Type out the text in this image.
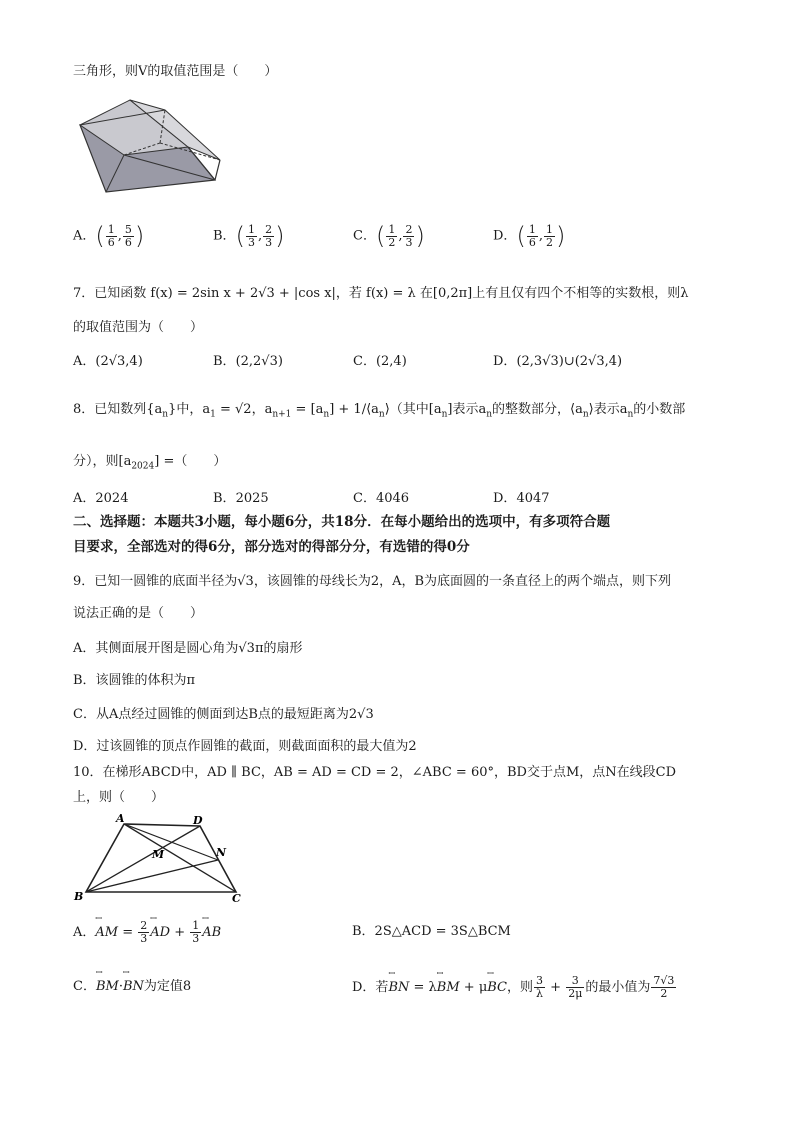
三角形，则V的取值范围是（　　）
A．( $\frac{1}{6}$ , $\frac{5}{6}$ )	B．( $\frac{1}{3}$ , $\frac{2}{3}$ )	C．( $\frac{1}{2}$ , $\frac{2}{3}$ )	D．( $\frac{1}{6}$ , $\frac{1}{2}$ )
7．已知函数 f(x) = 2sin x + 2√3 + |cos x|，若 f(x) = λ 在[0,2π]上有且仅有四个不相等的实数根，则λ
的取值范围为（　　）
A．(2√3,4)	B．(2,2√3)	C．(2,4)	D．(2,3√3)∪(2√3,4)
8．已知数列$\{a_n\}$中，$a_1 = √2$，$a_{n+1} = [a_n]$ + $1/⟨a_n⟩$（其中$[a_n]$表示$a_n$的整数部分，$⟨a_n⟩$表示$a_n$的小数部
分），则$[a_{2024}]$ =（　　）
A．2024	B．2025	C．4046	D．4047
二、选择题：本题共3小题，每小题6分，共18分．在每小题给出的选项中，有多项符合题
目要求，全部选对的得6分，部分选对的得部分分，有选错的得0分
9．已知一圆锥的底面半径为√3，该圆锥的母线长为2，A，B为底面圆的一条直径上的两个端点，则下列
说法正确的是（　　）
A．其侧面展开图是圆心角为√3π的扇形
B．该圆锥的体积为π
C．从A点经过圆锥的侧面到达B点的最短距离为2√3
D．过该圆锥的顶点作圆锥的截面，则截面面积的最大值为2
10．在梯形ABCD中，AD ∥ BC，AB = AD = CD = 2，∠ABC = 60°，BD交于点M，点N在线段CD
上，则（　　）
A	D
M	N
B	C
A．ꟷ AM = $\frac{2}{3}$ ꟷ AD + $\frac{1}{3}$ ꟷ AB	B．2S△ACD = 3S△BCM
C．ꟷ BM·ꟷ BN为定值8	D．若ꟷ BN = λꟷ BM + μꟷ BC，则 $\frac{3}{\lambda} + \frac{3}{2\mu}$ 的最小值为 $\frac{7√3}{2}$
